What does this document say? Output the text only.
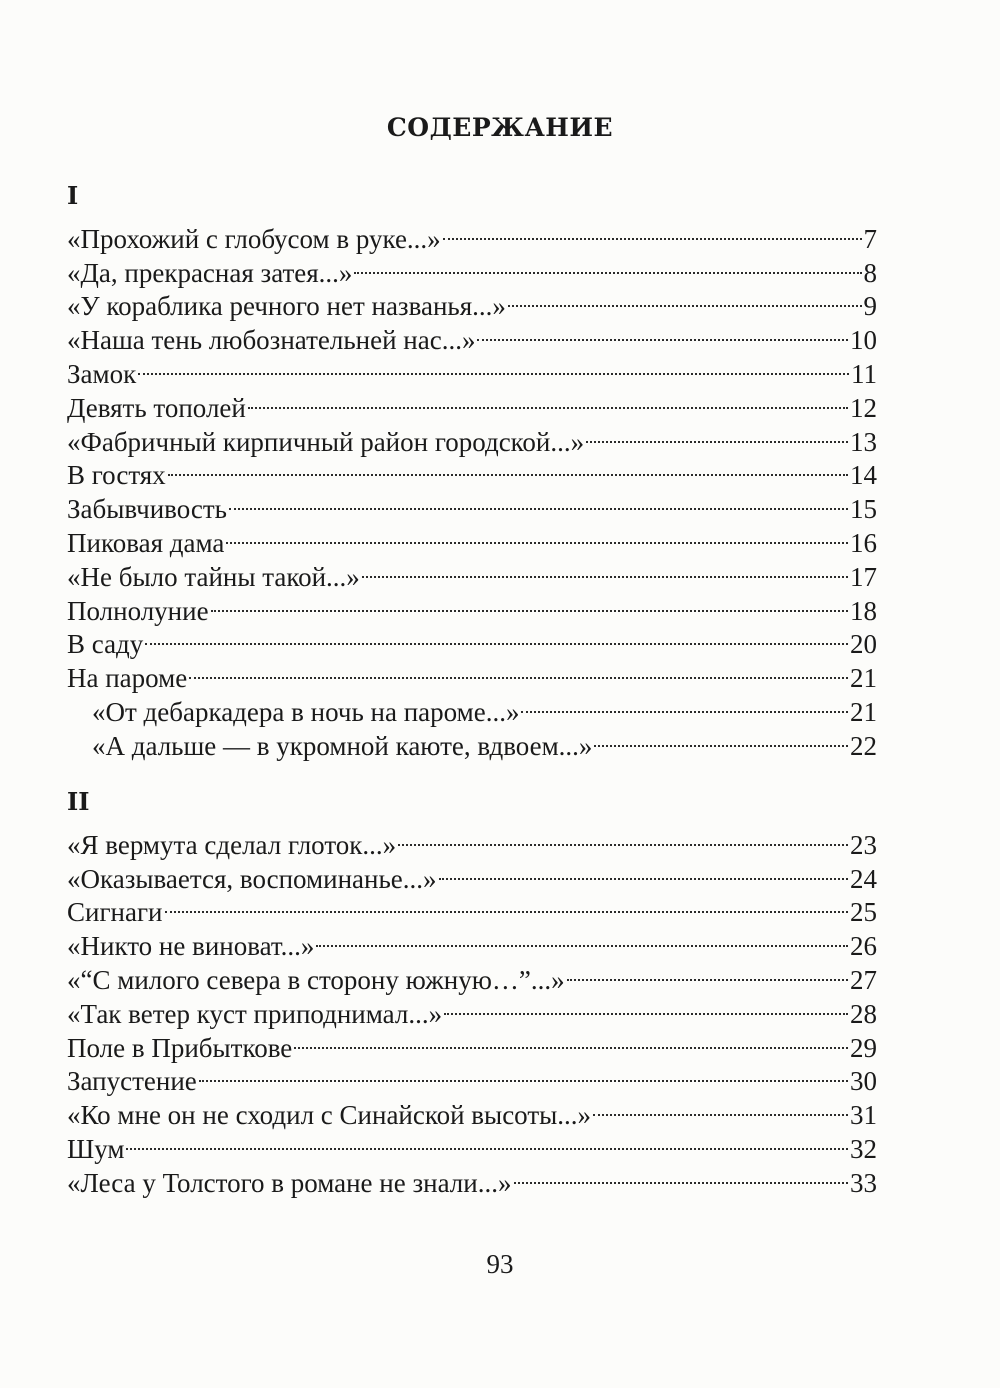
СОДЕРЖАНИЕ
I
«Прохожий с глобусом в руке...»	7
«Да, прекрасная затея...»	8
«У кораблика речного нет названья...»	9
«Наша тень любознательней нас...»	10
Замок	11
Девять тополей	12
«Фабричный кирпичный район городской...»	13
В гостях	14
Забывчивость	15
Пиковая дама	16
«Не было тайны такой...»	17
Полнолуние	18
В саду	20
На пароме	21
«От дебаркадера в ночь на пароме...»	21
«А дальше — в укромной каюте, вдвоем...»	22
II
«Я вермута сделал глоток...»	23
«Оказывается, воспоминанье...»	24
Сигнаги	25
«Никто не виноват...»	26
«“С милого севера в сторону южную…”...»	27
«Так ветер куст приподнимал...»	28
Поле в Прибыткове	29
Запустение	30
«Ко мне он не сходил с Синайской высоты...»	31
Шум	32
«Леса у Толстого в романе не знали...»	33
93
